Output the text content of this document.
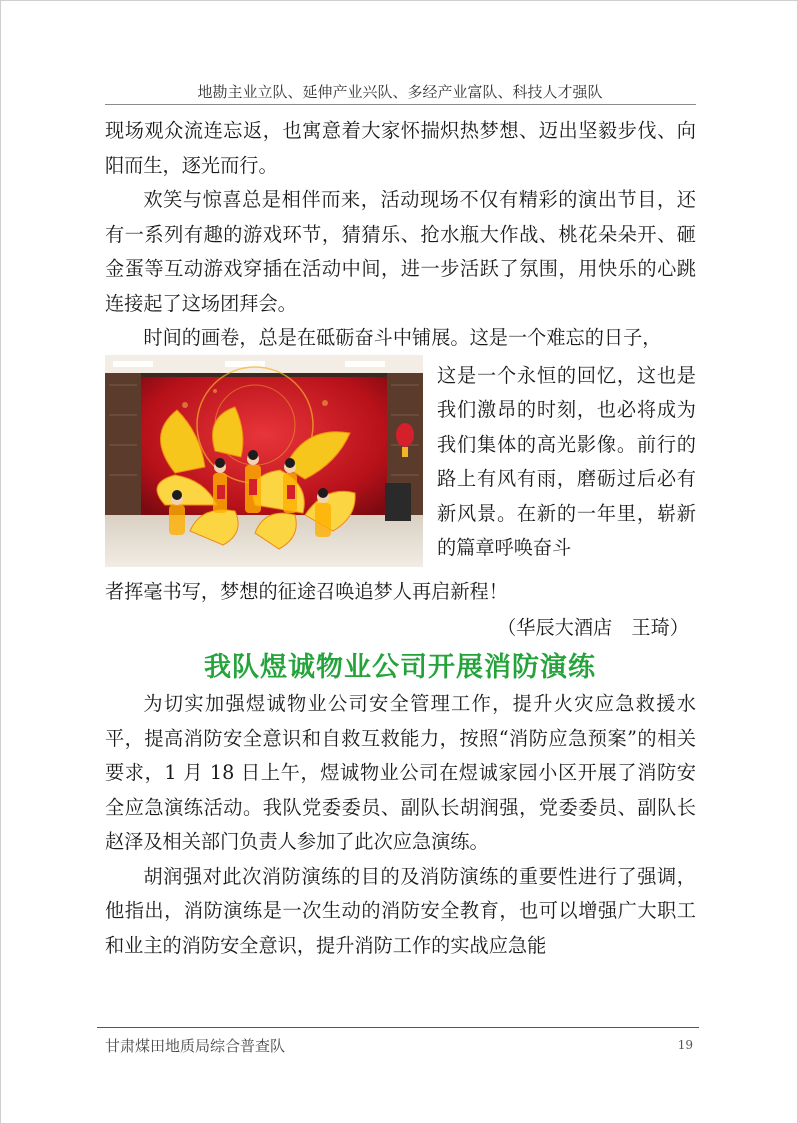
地勘主业立队、延伸产业兴队、多经产业富队、科技人才强队

现场观众流连忘返，也寓意着大家怀揣炽热梦想、迈出坚毅步伐、向阳而生，逐光而行。

欢笑与惊喜总是相伴而来，活动现场不仅有精彩的演出节目，还有一系列有趣的游戏环节，猜猜乐、抢水瓶大作战、桃花朵朵开、砸金蛋等互动游戏穿插在活动中间，进一步活跃了氛围，用快乐的心跳连接起了这场团拜会。

时间的画卷，总是在砥砺奋斗中铺展。这是一个难忘的日子，

这是一个永恒的回忆，这也是我们激昂的时刻，也必将成为我们集体的高光影像。前行的路上有风有雨，磨砺过后必有新风景。在新的一年里，崭新的篇章呼唤奋斗

者挥毫书写，梦想的征途召唤追梦人再启新程！

（华辰大酒店　王琦）
我队煜诚物业公司开展消防演练

为切实加强煜诚物业公司安全管理工作，提升火灾应急救援水平，提高消防安全意识和自救互救能力，按照“消防应急预案”的相关要求，1 月 18 日上午，煜诚物业公司在煜诚家园小区开展了消防安全应急演练活动。我队党委委员、副队长胡润强，党委委员、副队长赵泽及相关部门负责人参加了此次应急演练。

胡润强对此次消防演练的目的及消防演练的重要性进行了强调，他指出，消防演练是一次生动的消防安全教育，也可以增强广大职工和业主的消防安全意识，提升消防工作的实战应急能

甘肃煤田地质局综合普查队	19
